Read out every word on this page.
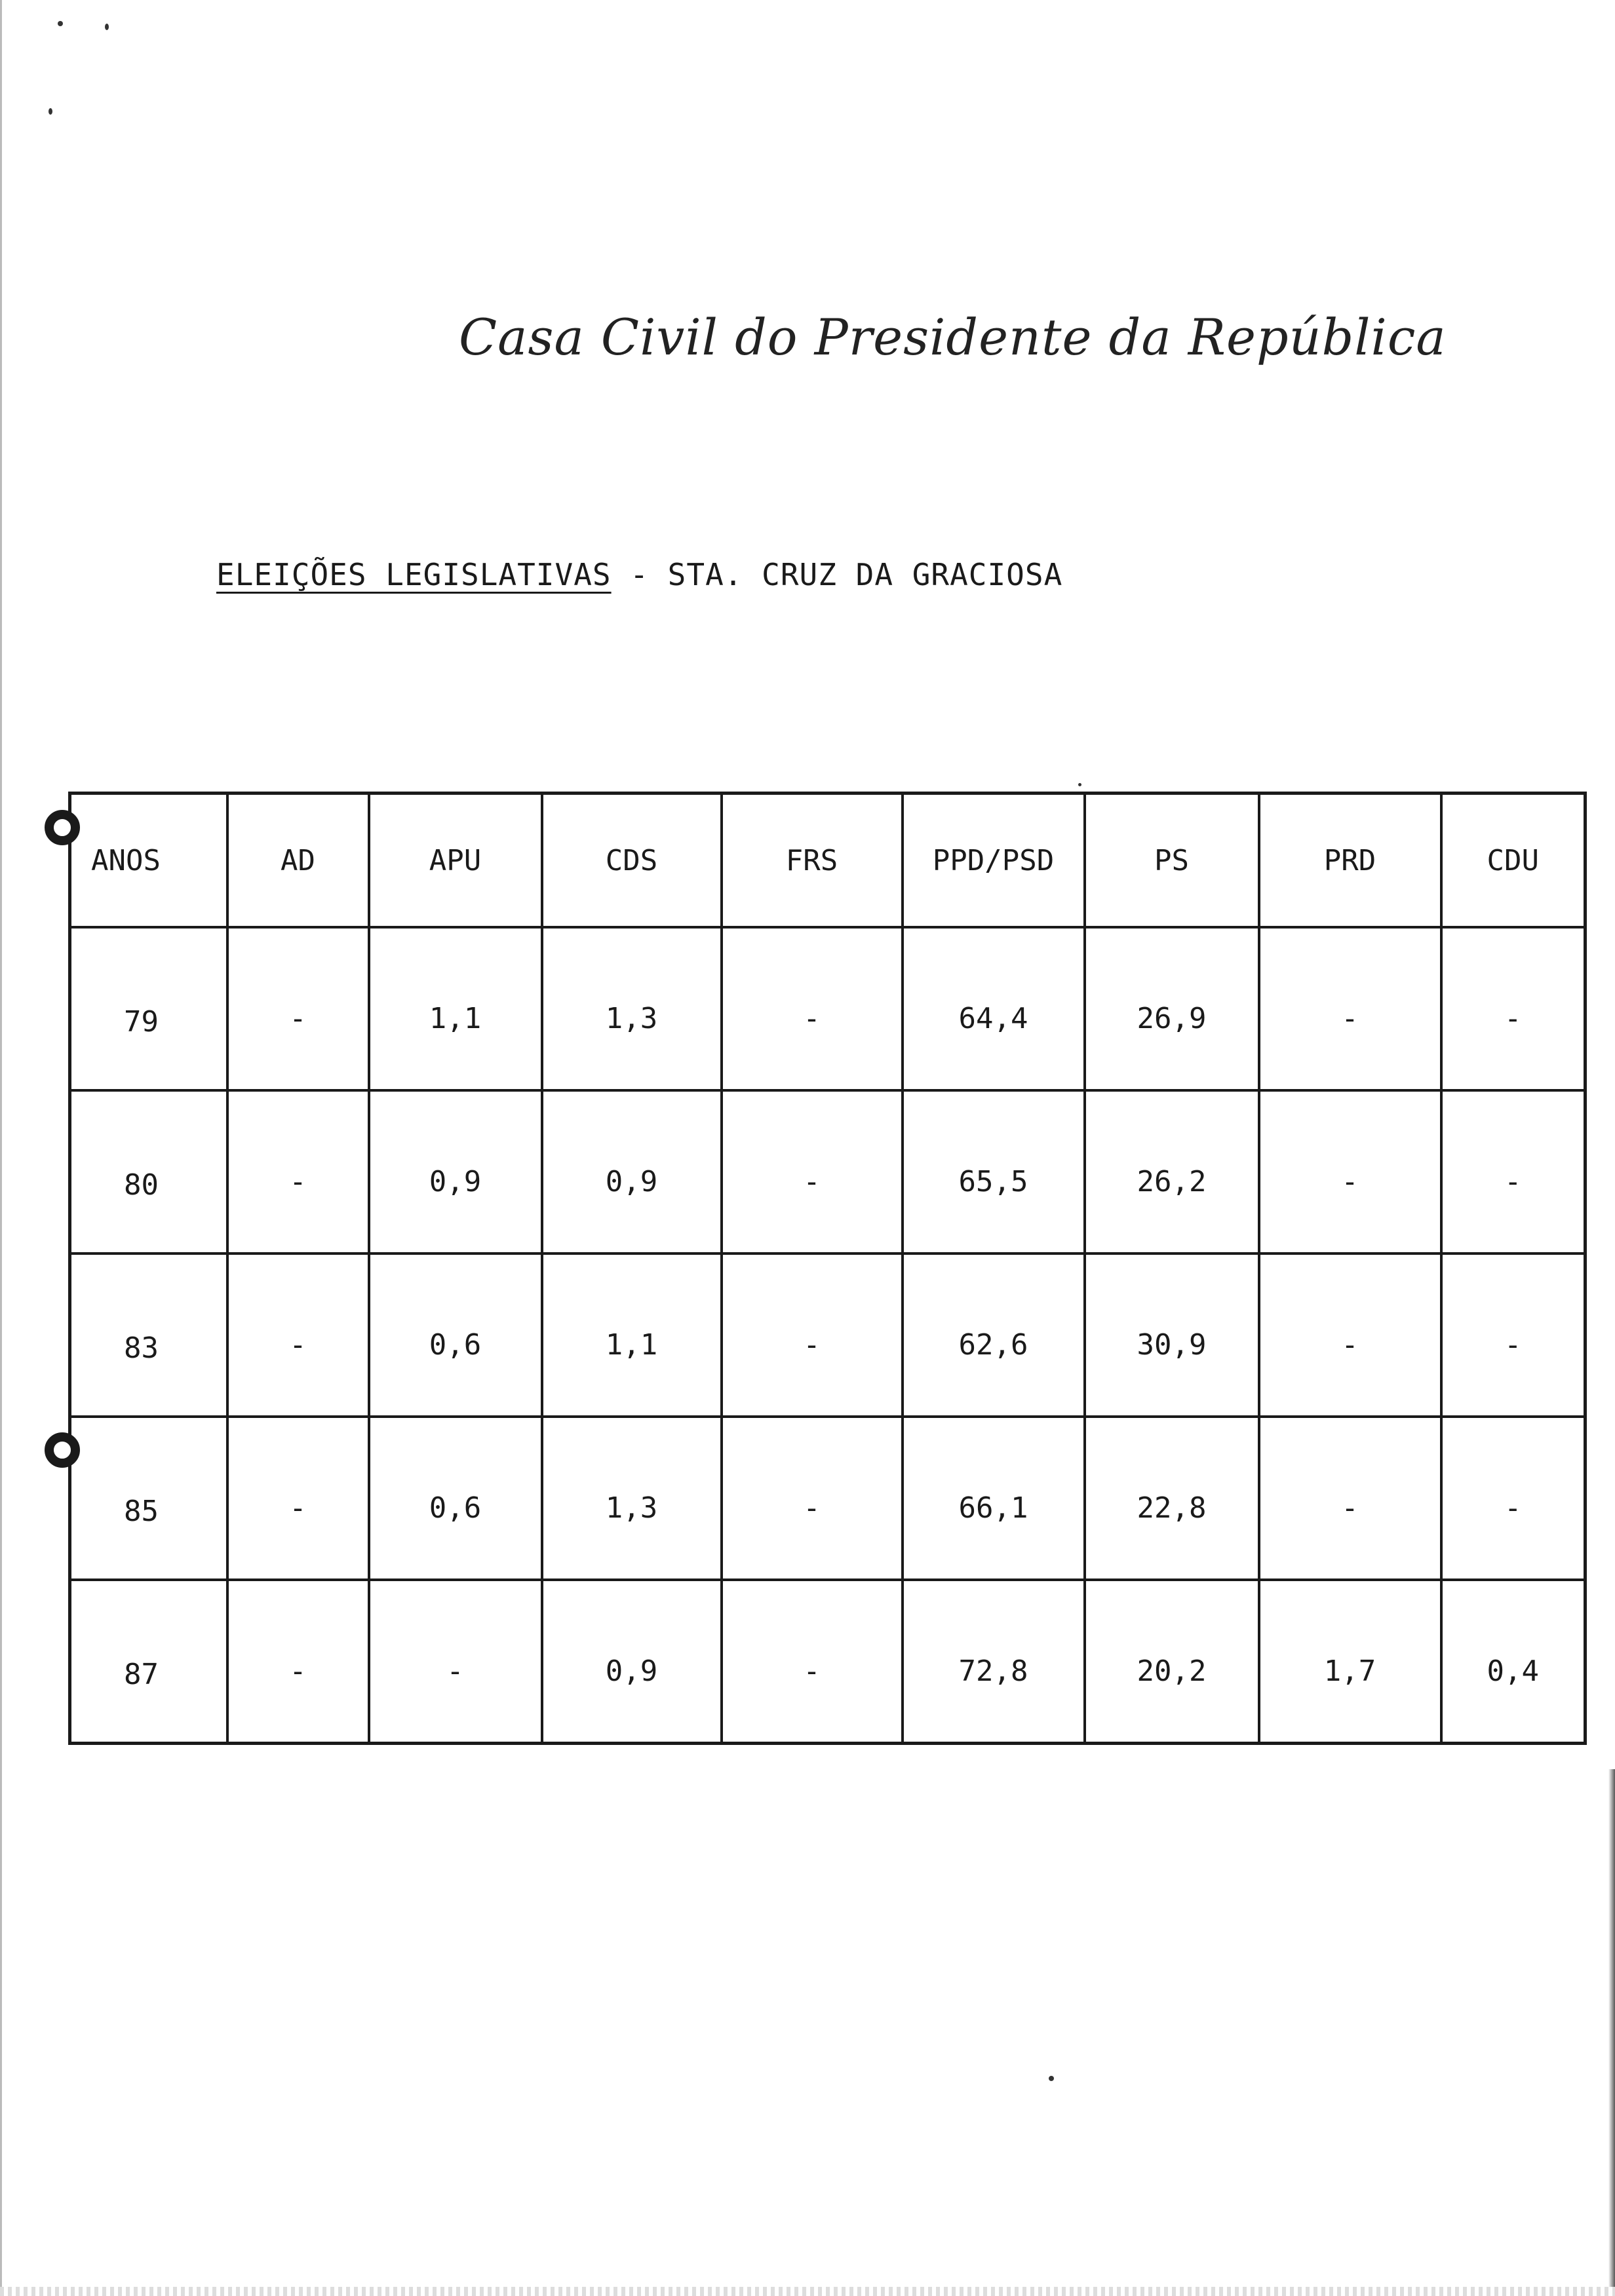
Casa Civil do Presidente da República
ELEIÇÕES LEGISLATIVAS - STA. CRUZ DA GRACIOSA
ANOS	AD	APU	CDS	FRS	PPD/PSD	PS	PRD	CDU
79	-	1,1	1,3	-	64,4	26,9	-	-
80	-	0,9	0,9	-	65,5	26,2	-	-
83	-	0,6	1,1	-	62,6	30,9	-	-
85	-	0,6	1,3	-	66,1	22,8	-	-
87	-	-	0,9	-	72,8	20,2	1,7	0,4
